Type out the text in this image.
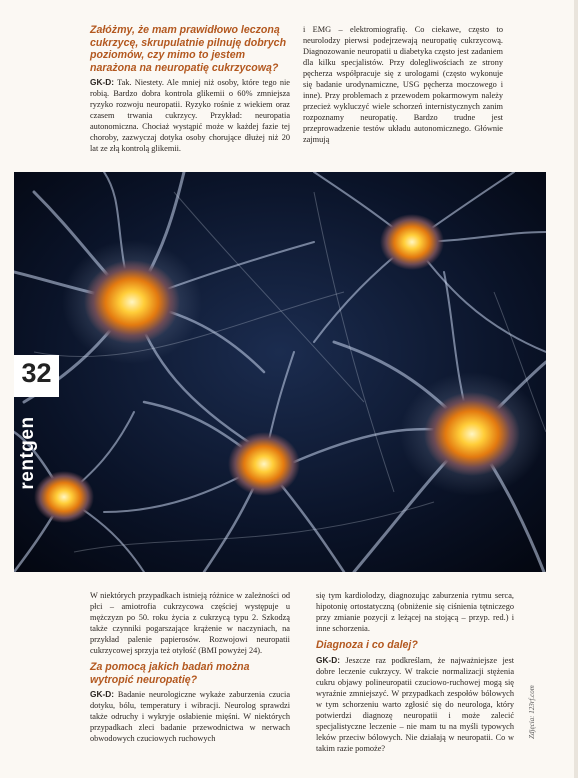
Załóżmy, że mam prawidłowo leczoną cukrzycę, skrupulatnie pilnuję dobrych poziomów, czy mimo to jestem narażona na neuropatię cukrzycową?

GK-D: Tak. Niestety. Ale mniej niż osoby, które tego nie robią. Bardzo dobra kontrola glikemii o 60% zmniejsza ryzyko rozwoju neuropatii. Ryzyko rośnie z wiekiem oraz czasem trwania cukrzycy. Przykład: neuropatia autonomiczna. Chociaż wystąpić może w każdej fazie tej choroby, zazwyczaj dotyka osoby chorujące dłużej niż 20 lat ze złą kontrolą glikemii.

i EMG – elektromiografię. Co ciekawe, często to neurolodzy pierwsi podejrzewają neuropatię cukrzycową. Diagnozowanie neuropatii u diabetyka często jest zadaniem dla kilku specjalistów. Przy dolegliwościach ze strony pęcherza współpracuje się z urologami (często wykonuje się badanie urodynamiczne, USG pęcherza moczowego i inne). Przy problemach z przewodem pokarmowym należy przecież wykluczyć wiele schorzeń internistycznych zanim rozpoznamy neuropatię. Bardzo trudne jest przeprowadzenie testów układu autonomicznego. Głównie zajmują

32
rentgen

W niektórych przypadkach istnieją różnice w zależności od płci – amiotrofia cukrzycowa częściej występuje u mężczyzn po 50. roku życia z cukrzycą typu 2. Szkodzą także czynniki pogarszające krążenie w naczyniach, na przykład palenie papierosów. Rozwojowi neuropatii cukrzycowej sprzyja też otyłość (BMI powyżej 24).

Za pomocą jakich badań można wytropić neuropatię?

GK-D: Badanie neurologiczne wykaże zaburzenia czucia dotyku, bólu, temperatury i wibracji. Neurolog sprawdzi także odruchy i wykryje osłabienie mięśni. W niektórych przypadkach zleci badanie przewodnictwa w nerwach obwodowych czuciowych ruchowych

się tym kardiolodzy, diagnozując zaburzenia rytmu serca, hipotonię ortostatyczną (obniżenie się ciśnienia tętniczego przy zmianie pozycji z leżącej na stojącą – przyp. red.) i inne schorzenia.

Diagnoza i co dalej?

GK-D: Jeszcze raz podkreślam, że najważniejsze jest dobre leczenie cukrzycy. W trakcie normalizacji stężenia cukru objawy polineuropatii czuciowo-ruchowej mogą się wyraźnie zmniejszyć. W przypadkach zespołów bólowych w tym schorzeniu warto zgłosić się do neurologa, który potwierdzi diagnozę neuropatii i może zalecić specjalistyczne leczenie – nie mam tu na myśli typowych leków przeciw bólowych. Nie działają w neuropatii. Co w takim razie pomoże?

Zdjęcia: 123rf.com
